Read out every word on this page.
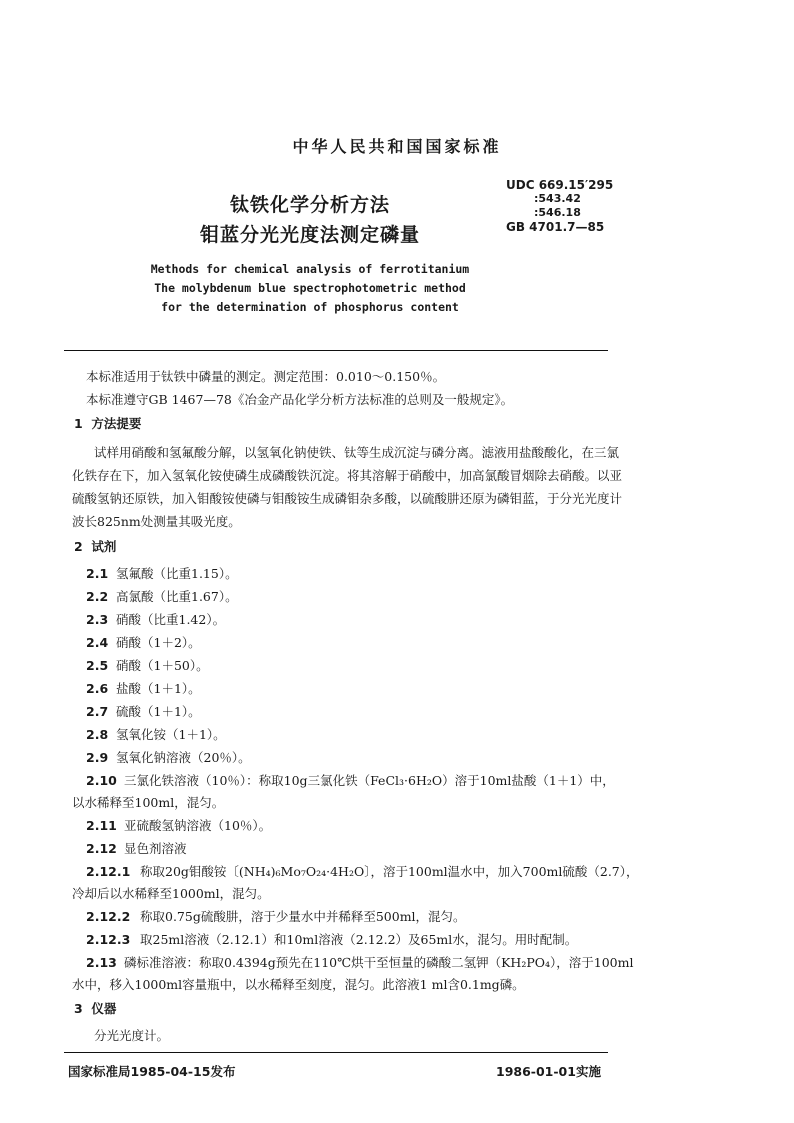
中华人民共和国国家标准
钛铁化学分析方法
钼蓝分光光度法测定磷量
UDC 669.15′295
:543.42
:546.18
GB 4701.7—85
Methods for chemical analysis of ferrotitanium
The molybdenum blue spectrophotometric method
for the determination of phosphorus content
本标准适用于钛铁中磷量的测定。测定范围：0.010～0.150％。
本标准遵守GB 1467—78《冶金产品化学分析方法标准的总则及一般规定》。
1 方法提要
试样用硝酸和氢氟酸分解，以氢氧化钠使铁、钛等生成沉淀与磷分离。滤液用盐酸酸化，在三氯
化铁存在下，加入氢氧化铵使磷生成磷酸铁沉淀。将其溶解于硝酸中，加高氯酸冒烟除去硝酸。以亚
硫酸氢钠还原铁，加入钼酸铵使磷与钼酸铵生成磷钼杂多酸，以硫酸肼还原为磷钼蓝，于分光光度计
波长825nm处测量其吸光度。
2 试剂
2.1 氢氟酸（比重1.15）。
2.2 高氯酸（比重1.67）。
2.3 硝酸（比重1.42）。
2.4 硝酸（1＋2）。
2.5 硝酸（1＋50）。
2.6 盐酸（1＋1）。
2.7 硫酸（1＋1）。
2.8 氢氧化铵（1＋1）。
2.9 氢氧化钠溶液（20％）。
2.10 三氯化铁溶液（10％）：称取10g三氯化铁（FeCl₃·6H₂O）溶于10ml盐酸（1＋1）中，
以水稀释至100ml，混匀。
2.11 亚硫酸氢钠溶液（10％）。
2.12 显色剂溶液
2.12.1 称取20g钼酸铵〔(NH₄)₆Mo₇O₂₄·4H₂O〕，溶于100ml温水中，加入700ml硫酸（2.7），
冷却后以水稀释至1000ml，混匀。
2.12.2 称取0.75g硫酸肼，溶于少量水中并稀释至500ml，混匀。
2.12.3 取25ml溶液（2.12.1）和10ml溶液（2.12.2）及65ml水，混匀。用时配制。
2.13 磷标准溶液：称取0.4394g预先在110℃烘干至恒量的磷酸二氢钾（KH₂PO₄），溶于100ml
水中，移入1000ml容量瓶中，以水稀释至刻度，混匀。此溶液1 ml含0.1mg磷。
3 仪器
分光光度计。
国家标准局1985-04-15发布	1986-01-01实施
